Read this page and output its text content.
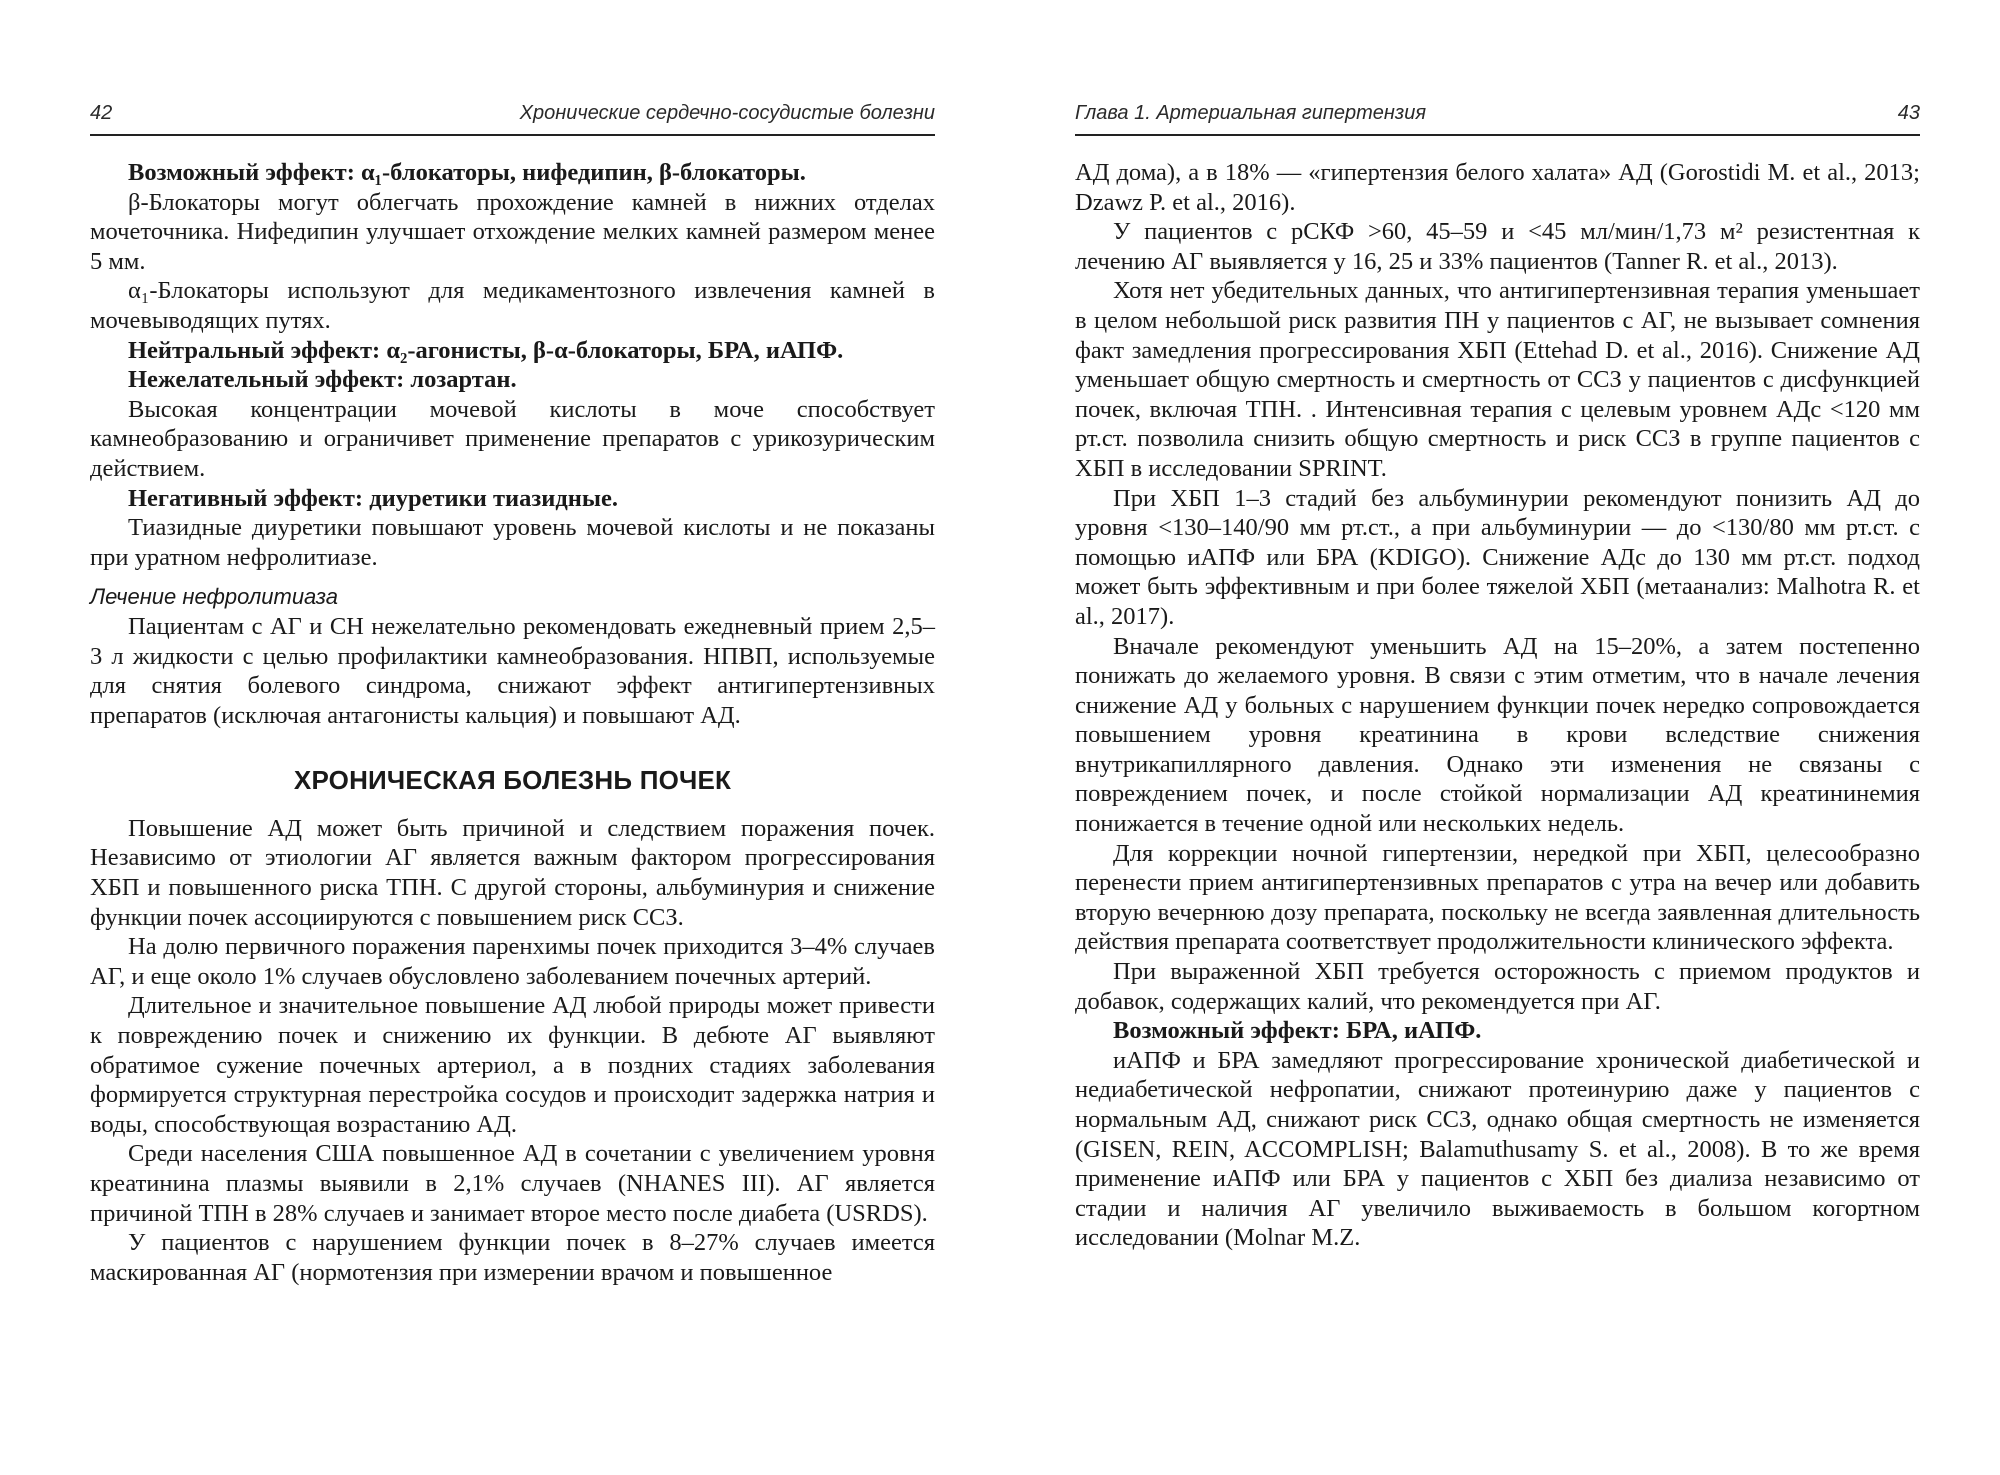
42	Хронические сердечно-сосудистые болезни

Возможный эффект: α₁-блокаторы, нифедипин, β-блокаторы.

β-Блокаторы могут облегчать прохождение камней в нижних отделах мочеточника. Нифедипин улучшает отхождение мелких камней размером менее 5 мм.

α₁-Блокаторы используют для медикаментозного извлечения камней в мочевыводящих путях.

Нейтральный эффект: α₂-агонисты, β-α-блокаторы, БРА, иАПФ.

Нежелательный эффект: лозартан.

Высокая концентрации мочевой кислоты в моче способствует камнеобразованию и ограничивет применение препаратов с урикозурическим действием.

Негативный эффект: диуретики тиазидные.

Тиазидные диуретики повышают уровень мочевой кислоты и не показаны при уратном нефролитиазе.

Лечение нефролитиаза

Пациентам с АГ и СН нежелательно рекомендовать ежедневный прием 2,5–3 л жидкости с целью профилактики камнеобразования. НПВП, используемые для снятия болевого синдрома, снижают эффект антигипертензивных препаратов (исключая антагонисты кальция) и повышают АД.

ХРОНИЧЕСКАЯ БОЛЕЗНЬ ПОЧЕК

Повышение АД может быть причиной и следствием поражения почек. Независимо от этиологии АГ является важным фактором прогрессирования ХБП и повышенного риска ТПН. С другой стороны, альбуминурия и снижение функции почек ассоциируются с повышением риск ССЗ.

На долю первичного поражения паренхимы почек приходится 3–4% случаев АГ, и еще около 1% случаев обусловлено заболеванием почечных артерий.

Длительное и значительное повышение АД любой природы может привести к повреждению почек и снижению их функции. В дебюте АГ выявляют обратимое сужение почечных артериол, а в поздних стадиях заболевания формируется структурная перестройка сосудов и происходит задержка натрия и воды, способствующая возрастанию АД.

Среди населения США повышенное АД в сочетании с увеличением уровня креатинина плазмы выявили в 2,1% случаев (NHANES III). АГ является причиной ТПН в 28% случаев и занимает второе место после диабета (USRDS).

У пациентов с нарушением функции почек в 8–27% случаев имеется маскированная АГ (нормотензия при измерении врачом и повышенное

Глава 1. Артериальная гипертензия	43

АД дома), а в 18% — «гипертензия белого халата» АД (Gorostidi M. et al., 2013; Dzawz P. et al., 2016).

У пациентов с рСКФ >60, 45–59 и <45 мл/мин/1,73 м² резистентная к лечению АГ выявляется у 16, 25 и 33% пациентов (Tanner R. et al., 2013).

Хотя нет убедительных данных, что антигипертензивная терапия уменьшает в целом небольшой риск развития ПН у пациентов с АГ, не вызывает сомнения факт замедления прогрессирования ХБП (Ettehad D. et al., 2016). Снижение АД уменьшает общую смертность и смертность от ССЗ у пациентов с дисфункцией почек, включая ТПН. . Интенсивная терапия с целевым уровнем АДс <120 мм рт.ст. позволила снизить общую смертность и риск ССЗ в группе пациентов с ХБП в исследовании SPRINT.

При ХБП 1–3 стадий без альбуминурии рекомендуют понизить АД до уровня <130–140/90 мм рт.ст., а при альбуминурии — до <130/80 мм рт.ст. с помощью иАПФ или БРА (KDIGO). Снижение АДс до 130 мм рт.ст. подход может быть эффективным и при более тяжелой ХБП (метаанализ: Malhotra R. et al., 2017).

Вначале рекомендуют уменьшить АД на 15–20%, а затем постепенно понижать до желаемого уровня. В связи с этим отметим, что в начале лечения снижение АД у больных с нарушением функции почек нередко сопровождается повышением уровня креатинина в крови вследствие снижения внутрикапиллярного давления. Однако эти изменения не связаны с повреждением почек, и после стойкой нормализации АД креатининемия понижается в течение одной или нескольких недель.

Для коррекции ночной гипертензии, нередкой при ХБП, целесообразно перенести прием антигипертензивных препаратов с утра на вечер или добавить вторую вечернюю дозу препарата, поскольку не всегда заявленная длительность действия препарата соответствует продолжительности клинического эффекта.

При выраженной ХБП требуется осторожность с приемом продуктов и добавок, содержащих калий, что рекомендуется при АГ.

Возможный эффект: БРА, иАПФ.

иАПФ и БРА замедляют прогрессирование хронической диабетической и недиабетической нефропатии, снижают протеинурию даже у пациентов с нормальным АД, снижают риск ССЗ, однако общая смертность не изменяется (GISEN, REIN, ACCOMPLISH; Balamuthusamy S. et al., 2008). В то же время применение иАПФ или БРА у пациентов с ХБП без диализа независимо от стадии и наличия АГ увеличило выживаемость в большом когортном исследовании (Molnar M.Z.
